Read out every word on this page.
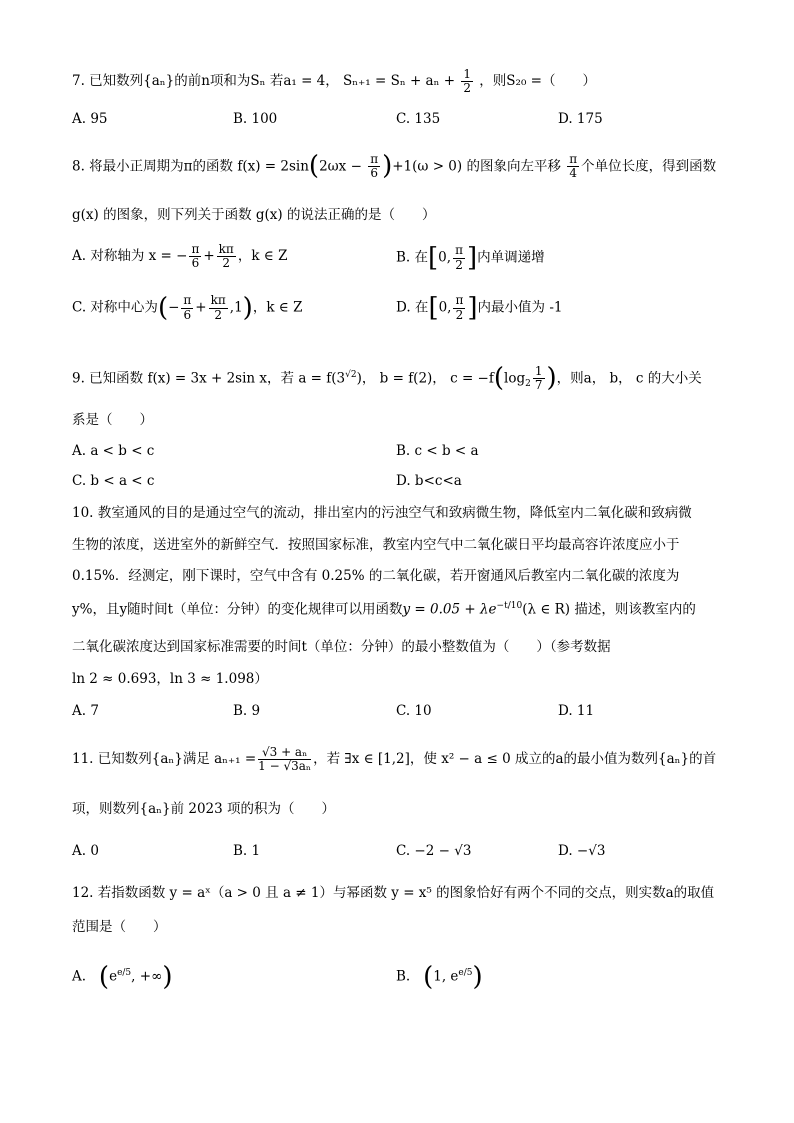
7. 已知数列{aₙ}的前n项和为Sₙ 若a₁ = 4， $S_{n+1} = S_n + a_n + \frac{1}{2}$ ，则S₂₀ =（　　）
A. 95	B. 100	C. 135	D. 175
8. 将最小正周期为π的函数 $f(x) = 2\sin(2\omega x - \frac{\pi}{6} )+1(\omega > 0)$ 的图象向左平移 $\frac{\pi}{4}$ 个单位长度，得到函数
g(x) 的图象，则下列关于函数 g(x) 的说法正确的是（　　）
A. 对称轴为 x = − $\frac{\pi}{6} + \frac{k\pi}{2}$ ，k ∈ Z	B. 在[0, $\frac{\pi}{2}$ ]内单调递增
C. 对称中心为(− $\frac{\pi}{6} + \frac{k\pi}{2} ,1$)，k ∈ Z	D. 在[0, $\frac{\pi}{2}$ ]内最小值为 -1
9. 已知函数 f(x) = 3x + 2sin x，若 $a = f(3^{√2})$， b = f(2)， $c = -f(\log_2 \frac{1}{7}$ )，则a， b， c 的大小关
系是（　　）
A. a < b < c	B. c < b < a
C. b < a < c	D. b<c<a
10. 教室通风的目的是通过空气的流动，排出室内的污浊空气和致病微生物，降低室内二氧化碳和致病微
生物的浓度，送进室外的新鲜空气．按照国家标准，教室内空气中二氧化碳日平均最高容许浓度应小于
0.15%．经测定，刚下课时，空气中含有 0.25% 的二氧化碳，若开窗通风后教室内二氧化碳的浓度为
y%，且y随时间t（单位：分钟）的变化规律可以用函数$y = 0.05 + \lambda e^{-t/10}(\lambda$ ∈ R) 描述，则该教室内的
二氧化碳浓度达到国家标准需要的时间t（单位：分钟）的最小整数值为（　　）（参考数据
ln 2 ≈ 0.693，ln 3 ≈ 1.098）
A. 7	B. 9	C. 10	D. 11
11. 已知数列{aₙ}满足 $a_{n+1} = \frac{\text{√3 + aₙ}}{\text{1 − √3aₙ}}$ ，若 ∃x ∈ [1,2]，使 x² − a ≤ 0 成立的a的最小值为数列{aₙ}的首
项，则数列{aₙ}前 2023 项的积为（　　）
A. 0	B. 1	C. −2 − √3	D. −√3
12. 若指数函数 y = aˣ（a > 0 且 a ≠ 1）与幂函数 y = x⁵ 的图象恰好有两个不同的交点，则实数a的取值
范围是（　　）
A. ($e^{e/5}$, +∞)	B. (1, $e^{e/5}$)
